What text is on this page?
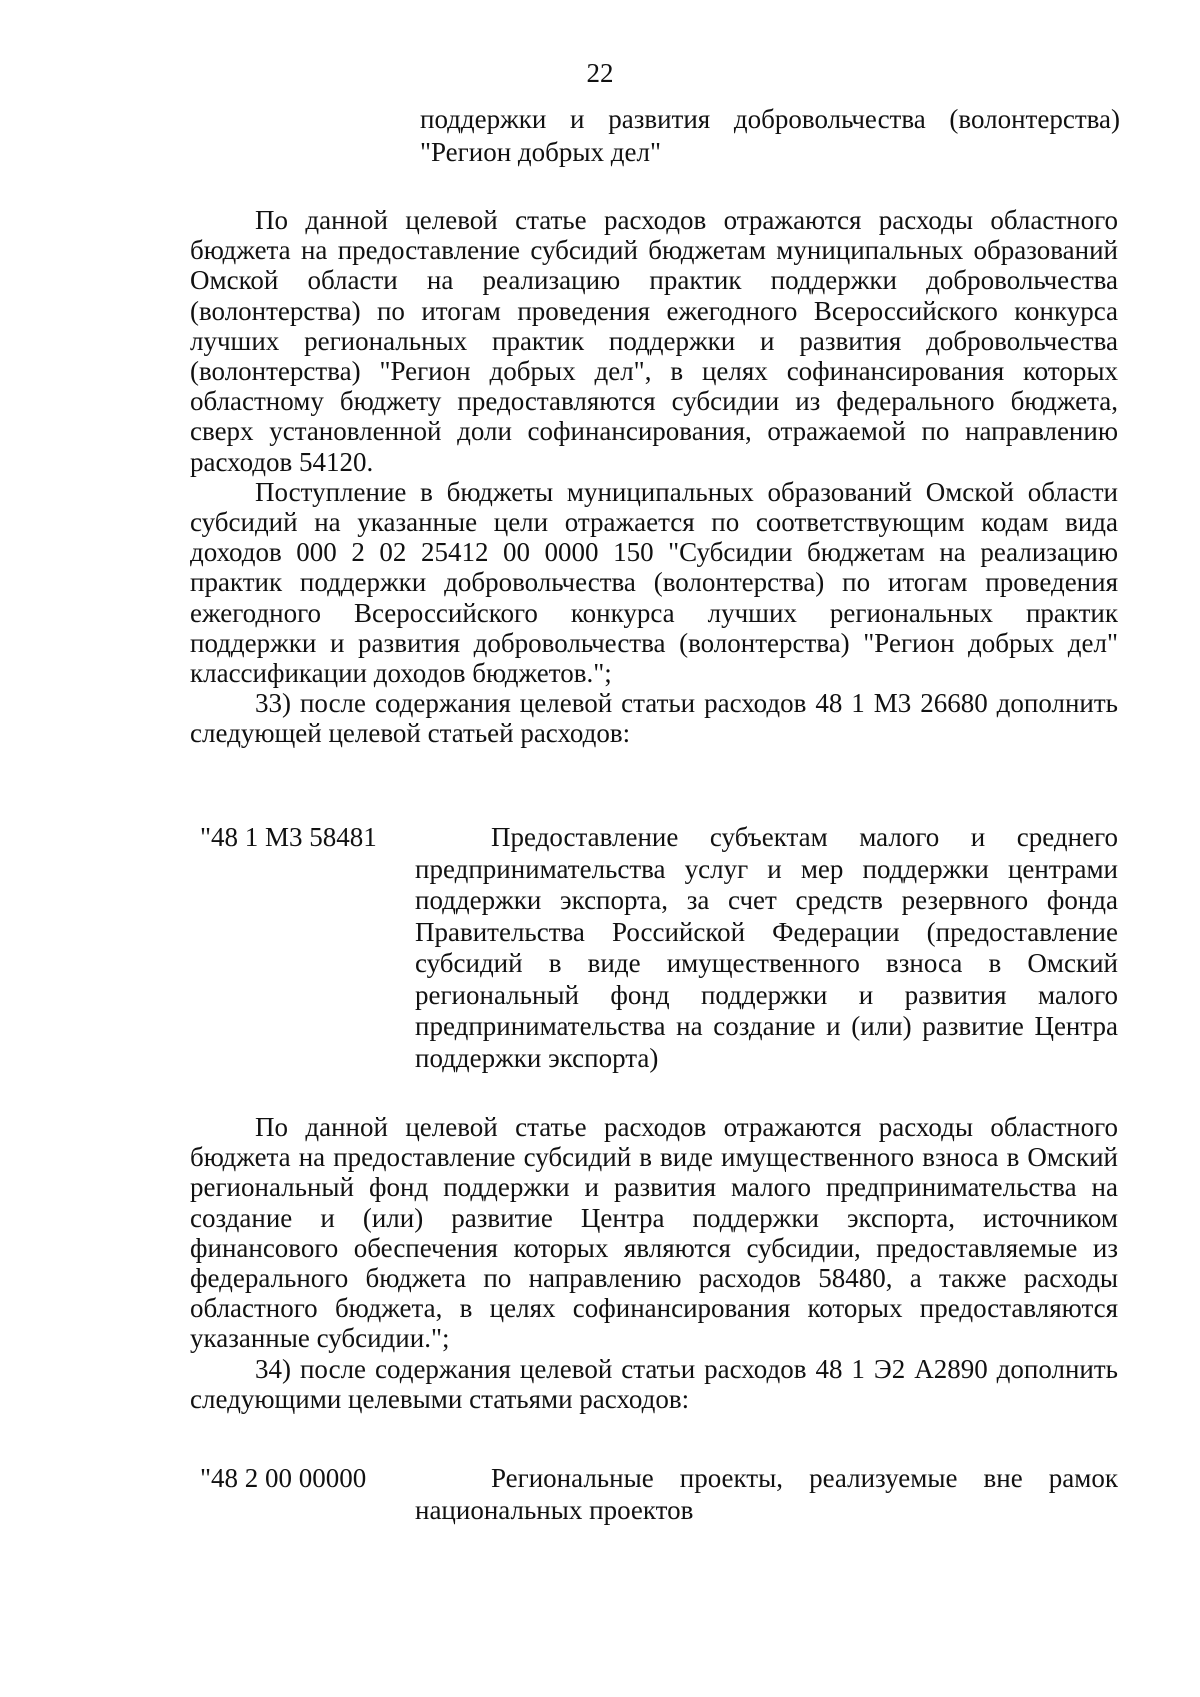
22

поддержки и развития добровольчества (волонтерства) "Регион добрых дел"

По данной целевой статье расходов отражаются расходы областного бюджета на предоставление субсидий бюджетам муниципальных образований Омской области на реализацию практик поддержки добровольчества (волонтерства) по итогам проведения ежегодного Всероссийского конкурса лучших региональных практик поддержки и развития добровольчества (волонтерства) "Регион добрых дел", в целях софинансирования которых областному бюджету предоставляются субсидии из федерального бюджета, сверх установленной доли софинансирования, отражаемой по направлению расходов 54120.

Поступление в бюджеты муниципальных образований Омской области субсидий на указанные цели отражается по соответствующим кодам вида доходов 000 2 02 25412 00 0000 150 "Субсидии бюджетам на реализацию практик поддержки добровольчества (волонтерства) по итогам проведения ежегодного Всероссийского конкурса лучших региональных практик поддержки и развития добровольчества (волонтерства) "Регион добрых дел" классификации доходов бюджетов.";

33) после содержания целевой статьи расходов 48 1 M3 26680 дополнить следующей целевой статьей расходов:

"48 1 M3 58481	Предоставление субъектам малого и среднего предпринимательства услуг и мер поддержки центрами поддержки экспорта, за счет средств резервного фонда Правительства Российской Федерации (предоставление субсидий в виде имущественного взноса в Омский региональный фонд поддержки и развития малого предпринимательства на создание и (или) развитие Центра поддержки экспорта)

По данной целевой статье расходов отражаются расходы областного бюджета на предоставление субсидий в виде имущественного взноса в Омский региональный фонд поддержки и развития малого предпринимательства на создание и (или) развитие Центра поддержки экспорта, источником финансового обеспечения которых являются субсидии, предоставляемые из федерального бюджета по направлению расходов 58480, а также расходы областного бюджета, в целях софинансирования которых предоставляются указанные субсидии.";

34) после содержания целевой статьи расходов 48 1 Э2 А2890 дополнить следующими целевыми статьями расходов:

"48 2 00 00000	Региональные проекты, реализуемые вне рамок национальных проектов
